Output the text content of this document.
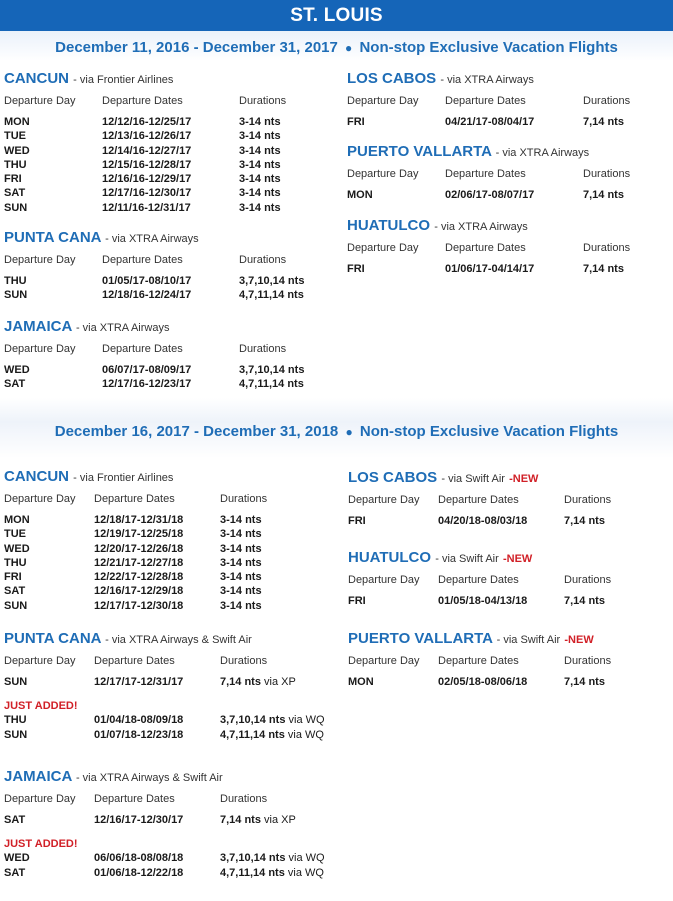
ST. LOUIS
December 11, 2016 - December 31, 2017 ● Non-stop Exclusive Vacation Flights
December 16, 2017 - December 31, 2018 ● Non-stop Exclusive Vacation Flights
CANCUN - via Frontier Airlines
Departure Day Departure Dates	Durations
MON	12/12/16-12/25/17	3-14 nts
TUE	12/13/16-12/26/17	3-14 nts
WED	12/14/16-12/27/17	3-14 nts
THU	12/15/16-12/28/17	3-14 nts
FRI	12/16/16-12/29/17	3-14 nts
SAT	12/17/16-12/30/17	3-14 nts
SUN	12/11/16-12/31/17	3-14 nts
PUNTA CANA - via XTRA Airways
Departure Day Departure Dates	Durations
THU	01/05/17-08/10/17	3,7,10,14 nts
SUN	12/18/16-12/24/17	4,7,11,14 nts
JAMAICA - via XTRA Airways
Departure Day Departure Dates	Durations
WED	06/07/17-08/09/17	3,7,10,14 nts
SAT	12/17/16-12/23/17	4,7,11,14 nts
LOS CABOS - via XTRA Airways
Departure Day Departure Dates	Durations
FRI	04/21/17-08/04/17	7,14 nts
PUERTO VALLARTA - via XTRA Airways
Departure Day Departure Dates	Durations
MON	02/06/17-08/07/17	7,14 nts
HUATULCO - via XTRA Airways
Departure Day Departure Dates	Durations
FRI	01/06/17-04/14/17	7,14 nts
CANCUN - via Frontier Airlines
Departure Day Departure Dates	Durations
MON	12/18/17-12/31/18	3-14 nts
TUE	12/19/17-12/25/18	3-14 nts
WED	12/20/17-12/26/18	3-14 nts
THU	12/21/17-12/27/18	3-14 nts
FRI	12/22/17-12/28/18	3-14 nts
SAT	12/16/17-12/29/18	3-14 nts
SUN	12/17/17-12/30/18	3-14 nts
PUNTA CANA - via XTRA Airways & Swift Air
Departure Day Departure Dates	Durations
SUN	12/17/17-12/31/17	7,14 nts via XP
JUST ADDED!
THU	01/04/18-08/09/18	3,7,10,14 nts via WQ
SUN	01/07/18-12/23/18	4,7,11,14 nts via WQ
JAMAICA - via XTRA Airways & Swift Air
Departure Day Departure Dates	Durations
SAT	12/16/17-12/30/17	7,14 nts via XP
JUST ADDED!
WED	06/06/18-08/08/18	3,7,10,14 nts via WQ
SAT	01/06/18-12/22/18	4,7,11,14 nts via WQ
LOS CABOS - via Swift Air -NEW
Departure Day Departure Dates	Durations
FRI	04/20/18-08/03/18	7,14 nts
HUATULCO - via Swift Air -NEW
Departure Day Departure Dates	Durations
FRI	01/05/18-04/13/18	7,14 nts
PUERTO VALLARTA - via Swift Air -NEW
Departure Day Departure Dates	Durations
MON	02/05/18-08/06/18	7,14 nts
